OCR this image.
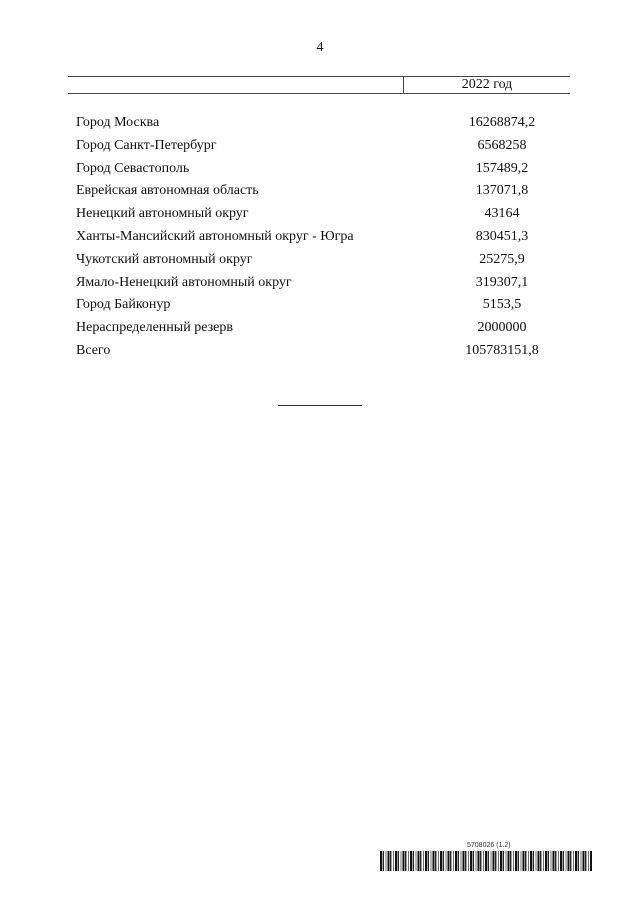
4
2022 год
Город Москва	16268874,2
Город Санкт-Петербург	6568258
Город Севастополь	157489,2
Еврейская автономная область	137071,8
Ненецкий автономный округ	43164
Ханты-Мансийский автономный округ - Югра	830451,3
Чукотский автономный округ	25275,9
Ямало-Ненецкий автономный округ	319307,1
Город Байконур	5153,5
Нераспределенный резерв	2000000
Всего	105783151,8
5708026 (1.2)
